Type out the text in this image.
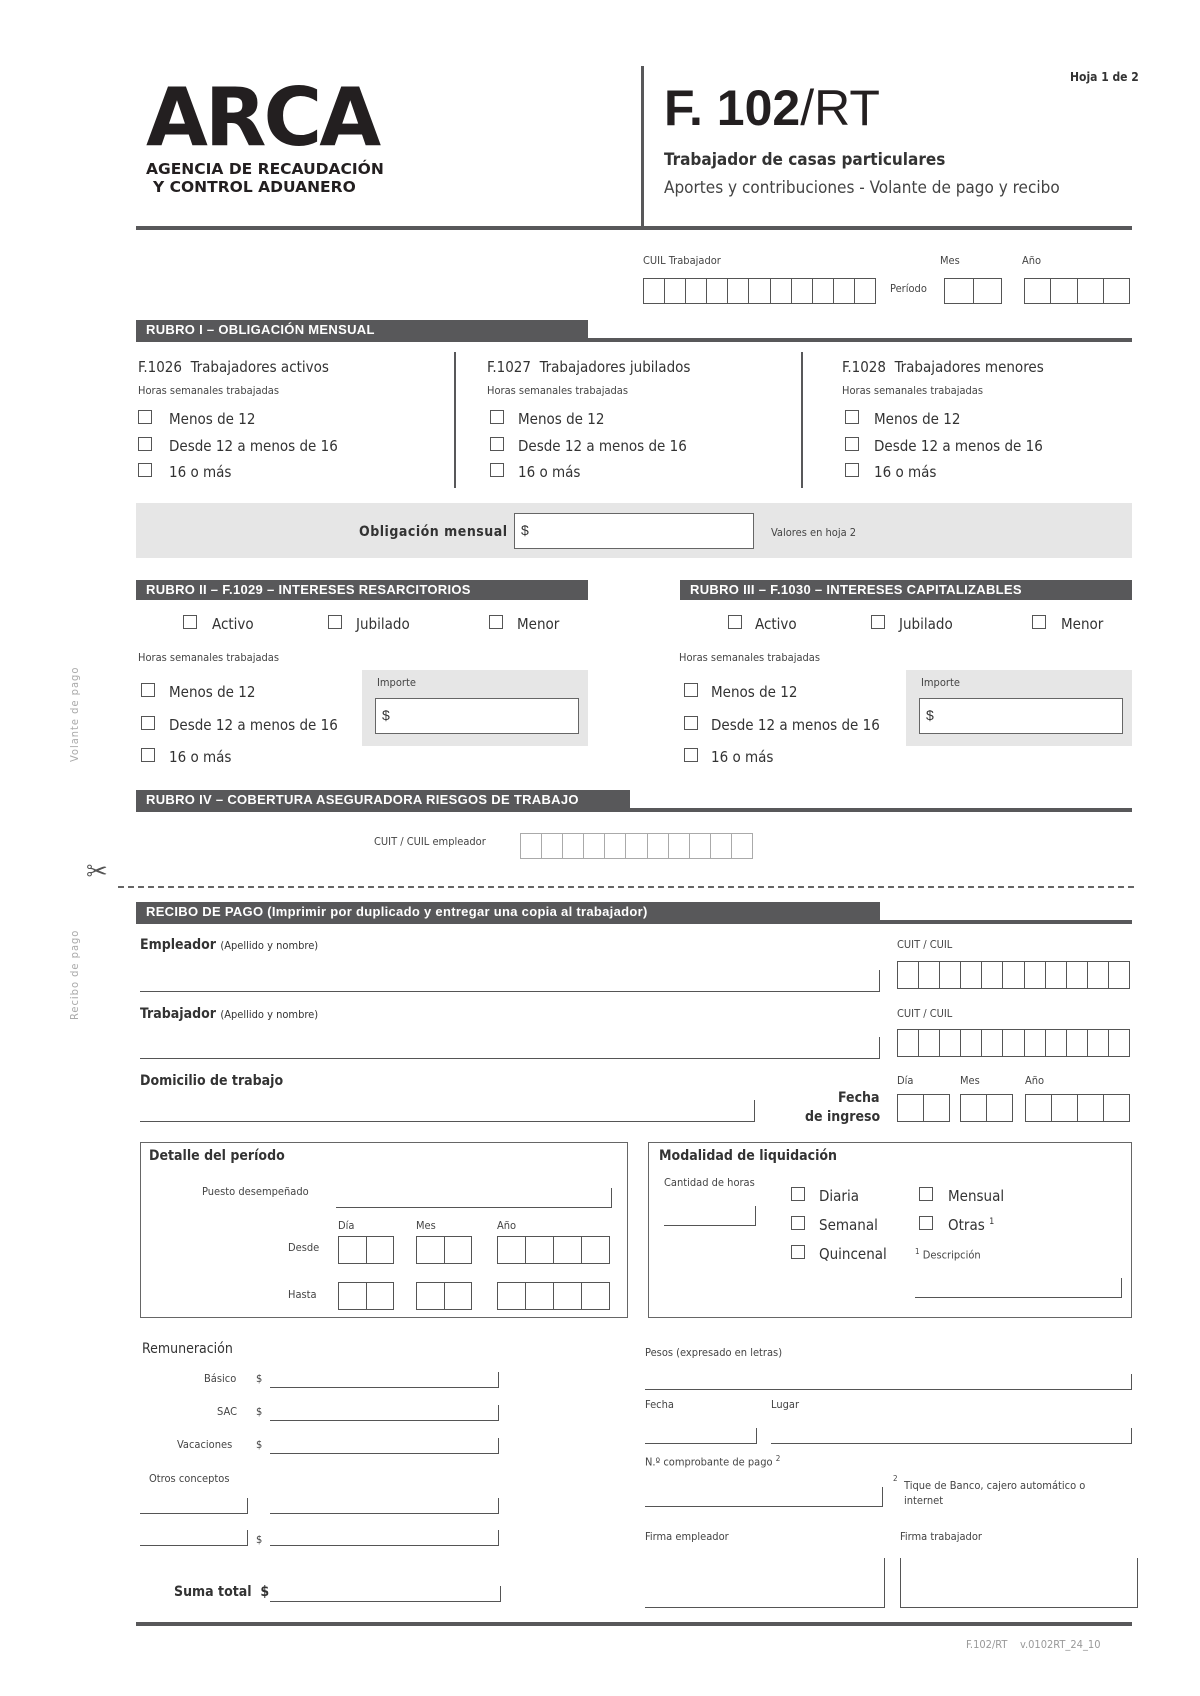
ARCA
AGENCIA DE RECAUDACIÓN
Y CONTROL ADUANERO
F. 102/RT
Hoja 1 de 2
Trabajador de casas particulares
Aportes y contribuciones - Volante de pago y recibo
CUIL Trabajador	Mes	Año
Período
RUBRO I – OBLIGACIÓN MENSUAL
F.1026 Trabajadores activos
Horas semanales trabajadas
Menos de 12
Desde 12 a menos de 16
16 o más
F.1027 Trabajadores jubilados
Horas semanales trabajadas
Menos de 12
Desde 12 a menos de 16
16 o más
F.1028 Trabajadores menores
Horas semanales trabajadas
Menos de 12
Desde 12 a menos de 16
16 o más
Obligación mensual $	Valores en hoja 2
RUBRO II – F.1029 – INTERESES RESARCITORIOS
Activo	Jubilado	Menor
Horas semanales trabajadas
Menos de 12
Desde 12 a menos de 16
16 o más
Importe
$
RUBRO III – F.1030 – INTERESES CAPITALIZABLES
Activo	Jubilado	Menor
Horas semanales trabajadas
Menos de 12
Desde 12 a menos de 16
16 o más
Importe
$
RUBRO IV – COBERTURA ASEGURADORA RIESGOS DE TRABAJO
CUIT / CUIL empleador
Volante de pago
✂
Recibo de pago
RECIBO DE PAGO (Imprimir por duplicado y entregar una copia al trabajador)
Empleador (Apellido y nombre)	CUIT / CUIL
Trabajador (Apellido y nombre)	CUIT / CUIL
Domicilio de trabajo
Fecha
de ingreso
Día	Mes	Año
Detalle del período
Puesto desempeñado
Día	Mes	Año
Desde
Hasta
Modalidad de liquidación
Cantidad de horas
Diaria
Semanal
Quincenal
Mensual
Otras $^1$
$^1$ Descripción
Remuneración
Básico $
SAC $
Vacaciones $
Otros conceptos
$
Suma total $
Pesos (expresado en letras)
Fecha	Lugar
N.º comprobante de pago $^2$
2
Tique de Banco, cajero automático o internet
Firma empleador	Firma trabajador
F.102/RT v.0102RT_24_10
